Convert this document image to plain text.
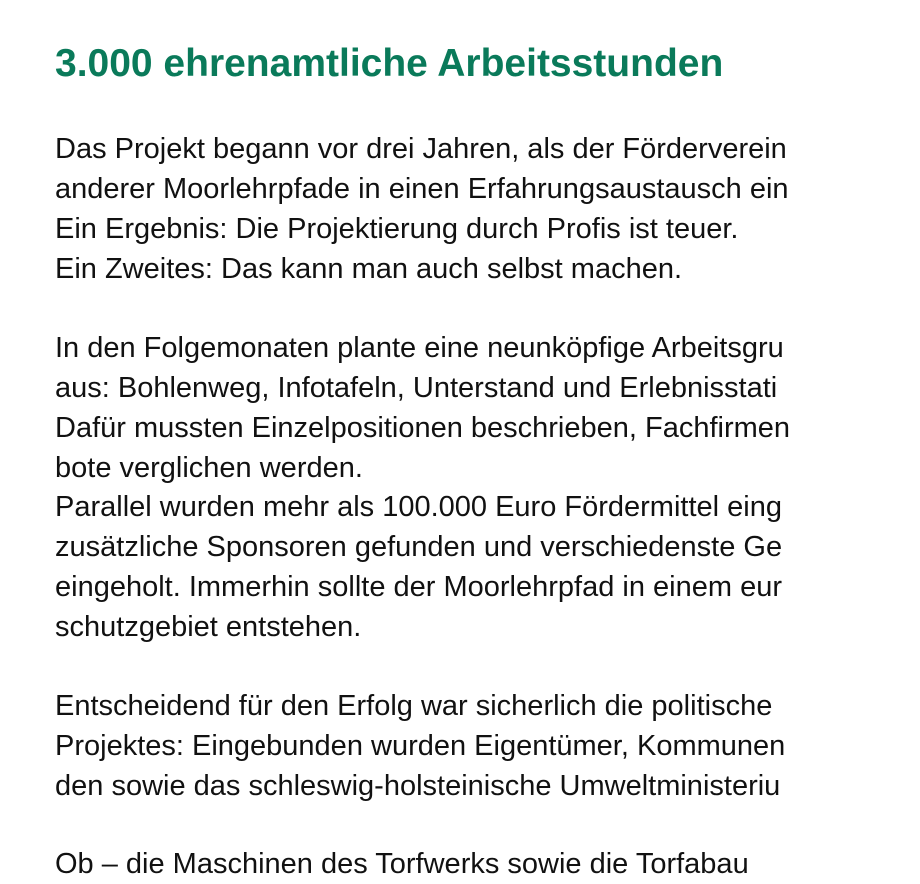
3.000 ehrenamtliche Arbeitsstunden

Das Projekt begann vor drei Jahren, als der Förderverein
anderer Moorlehrpfade in einen Erfahrungsaustausch ein
Ein Ergebnis: Die Projektierung durch Profis ist teuer.
Ein Zweites: Das kann man auch selbst machen.

In den Folgemonaten plante eine neunköpfige Arbeitsgru
aus: Bohlenweg, Infotafeln, Unterstand und Erlebnisstati
Dafür mussten Einzelpositionen beschrieben, Fachfirmen
bote verglichen werden.

Parallel wurden mehr als 100.000 Euro Fördermittel eing
zusätzliche Sponsoren gefunden und verschiedenste Ge
eingeholt. Immerhin sollte der Moorlehrpfad in einem eur
schutzgebiet entstehen.

Entscheidend für den Erfolg war sicherlich die politische
Projektes: Eingebunden wurden Eigentümer, Kommunen
den sowie das schleswig-holsteinische Umweltministeriu

Ob – die Maschinen des Torfwerks sowie die Torfabau
